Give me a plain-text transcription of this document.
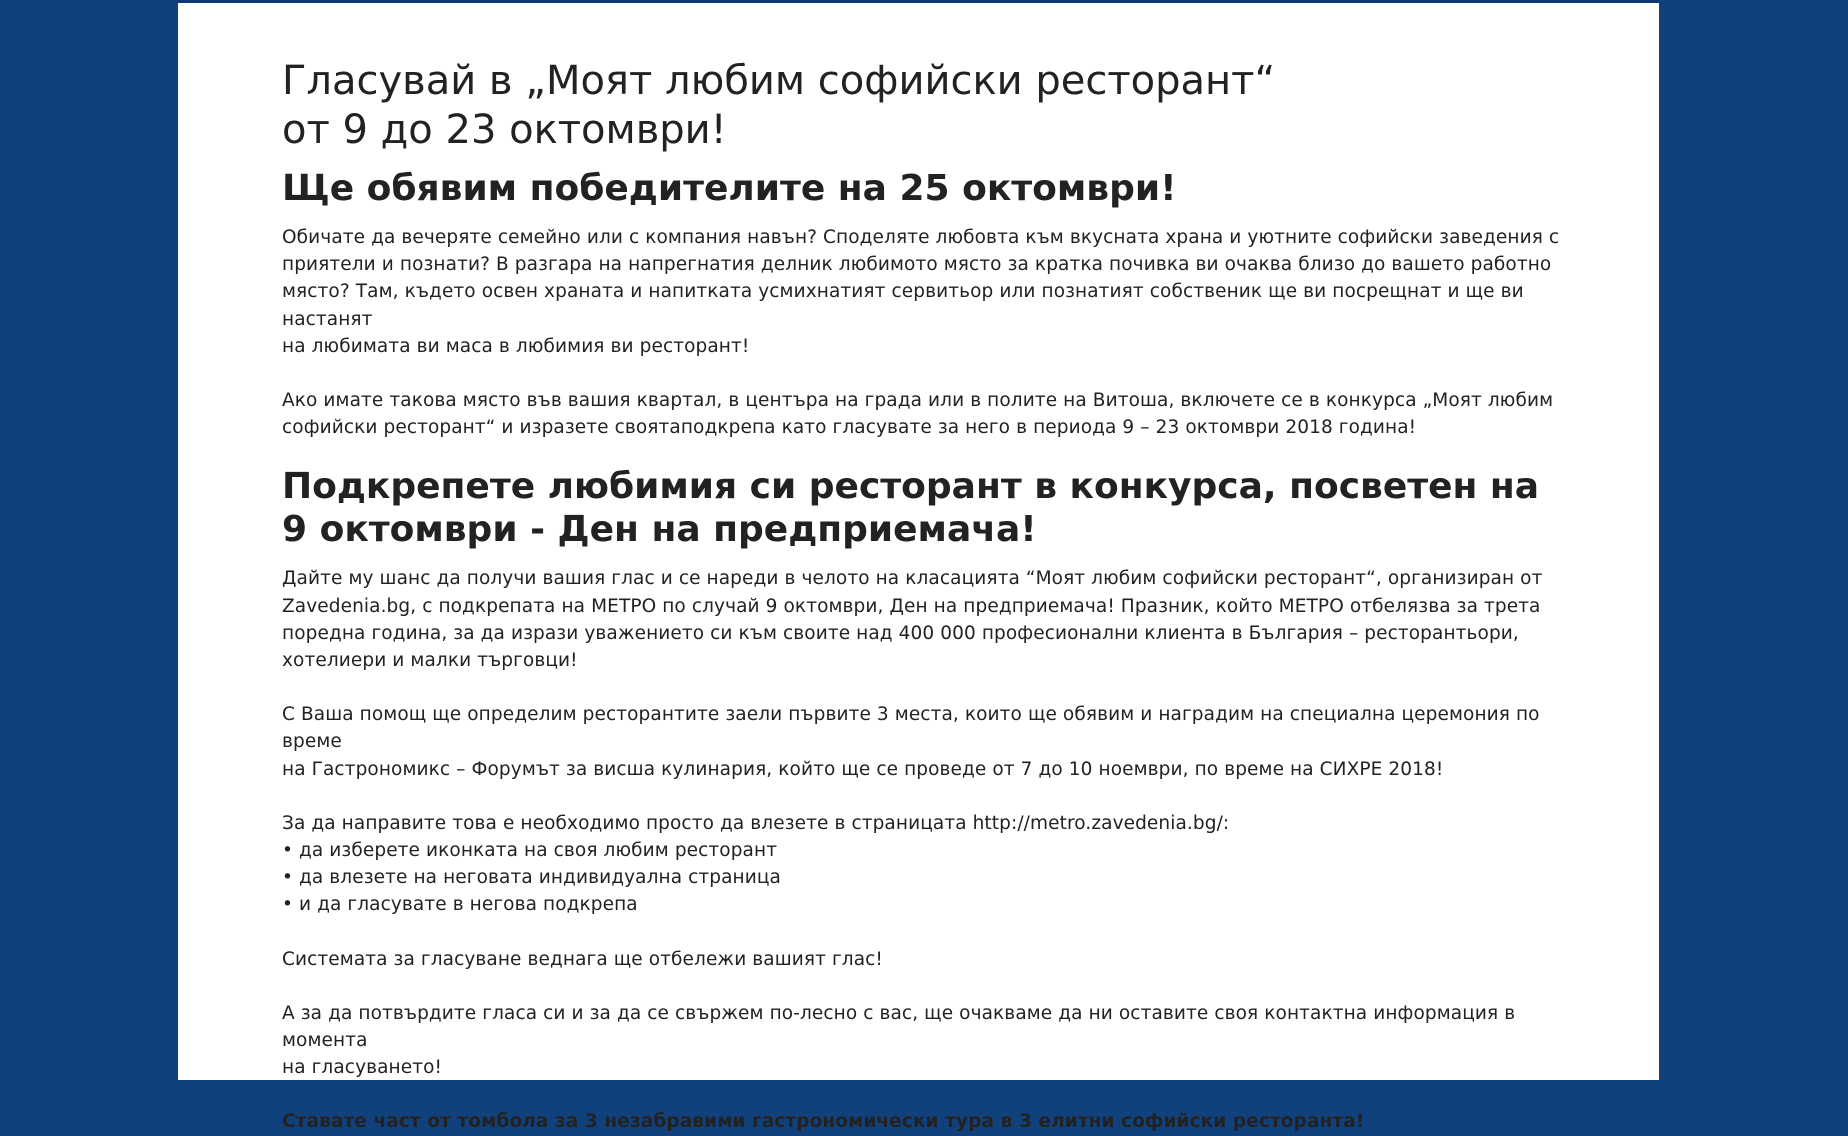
Гласувай в „Моят любим софийски ресторант“
от 9 до 23 октомври!
Ще обявим победителите на 25 октомври!

Обичате да вечеряте семейно или с компания навън? Споделяте любовта към вкусната храна и уютните софийски заведения с
приятели и познати? В разгара на напрегнатия делник любимото място за кратка почивка ви очаква близо до вашето работно
място? Там, където освен храната и напитката усмихнатият сервитьор или познатият собственик ще ви посрещнат и ще ви настанят
на любимата ви маса в любимия ви ресторант!

Ако имате такова място във вашия квартал, в центъра на града или в полите на Витоша, включете се в конкурса „Моят любим
софийски ресторант“ и изразете своятаподкрепа като гласувате за него в периода 9 – 23 октомври 2018 година!

Подкрепете любимия си ресторант в конкурса, посветен на
9 октомври - Ден на предприемача!

Дайте му шанс да получи вашия глас и се нареди в челото на класацията “Моят любим софийски ресторант“, организиран от
Zavedenia.bg, с подкрепата на МЕТРО по случай 9 октомври, Ден на предприемача! Празник, който МЕТРО отбелязва за трета
поредна година, за да изрази уважението си към своите над 400 000 професионални клиента в България – ресторантьори,
хотелиери и малки търговци!

С Ваша помощ ще определим ресторантите заели първите 3 места, които ще обявим и наградим на специална церемония по време
на Гастрономикс – Форумът за висша кулинария, който ще се проведе от 7 до 10 ноември, по време на СИХРЕ 2018!

За да направите това е необходимо просто да влезете в страницата http://metro.zavedenia.bg/:
• да изберете иконката на своя любим ресторант
• да влезете на неговата индивидуална страница
• и да гласувате в негова подкрепа

Системата за гласуване веднага ще отбележи вашият глас!

А за да потвърдите гласа си и за да се свържем по-лесно с вас, ще очакваме да ни оставите своя контактна информация в момента
на гласуването!

Ставате част от томбола за 3 незабравими гастрономически тура в 3 елитни софийски ресторанта!
